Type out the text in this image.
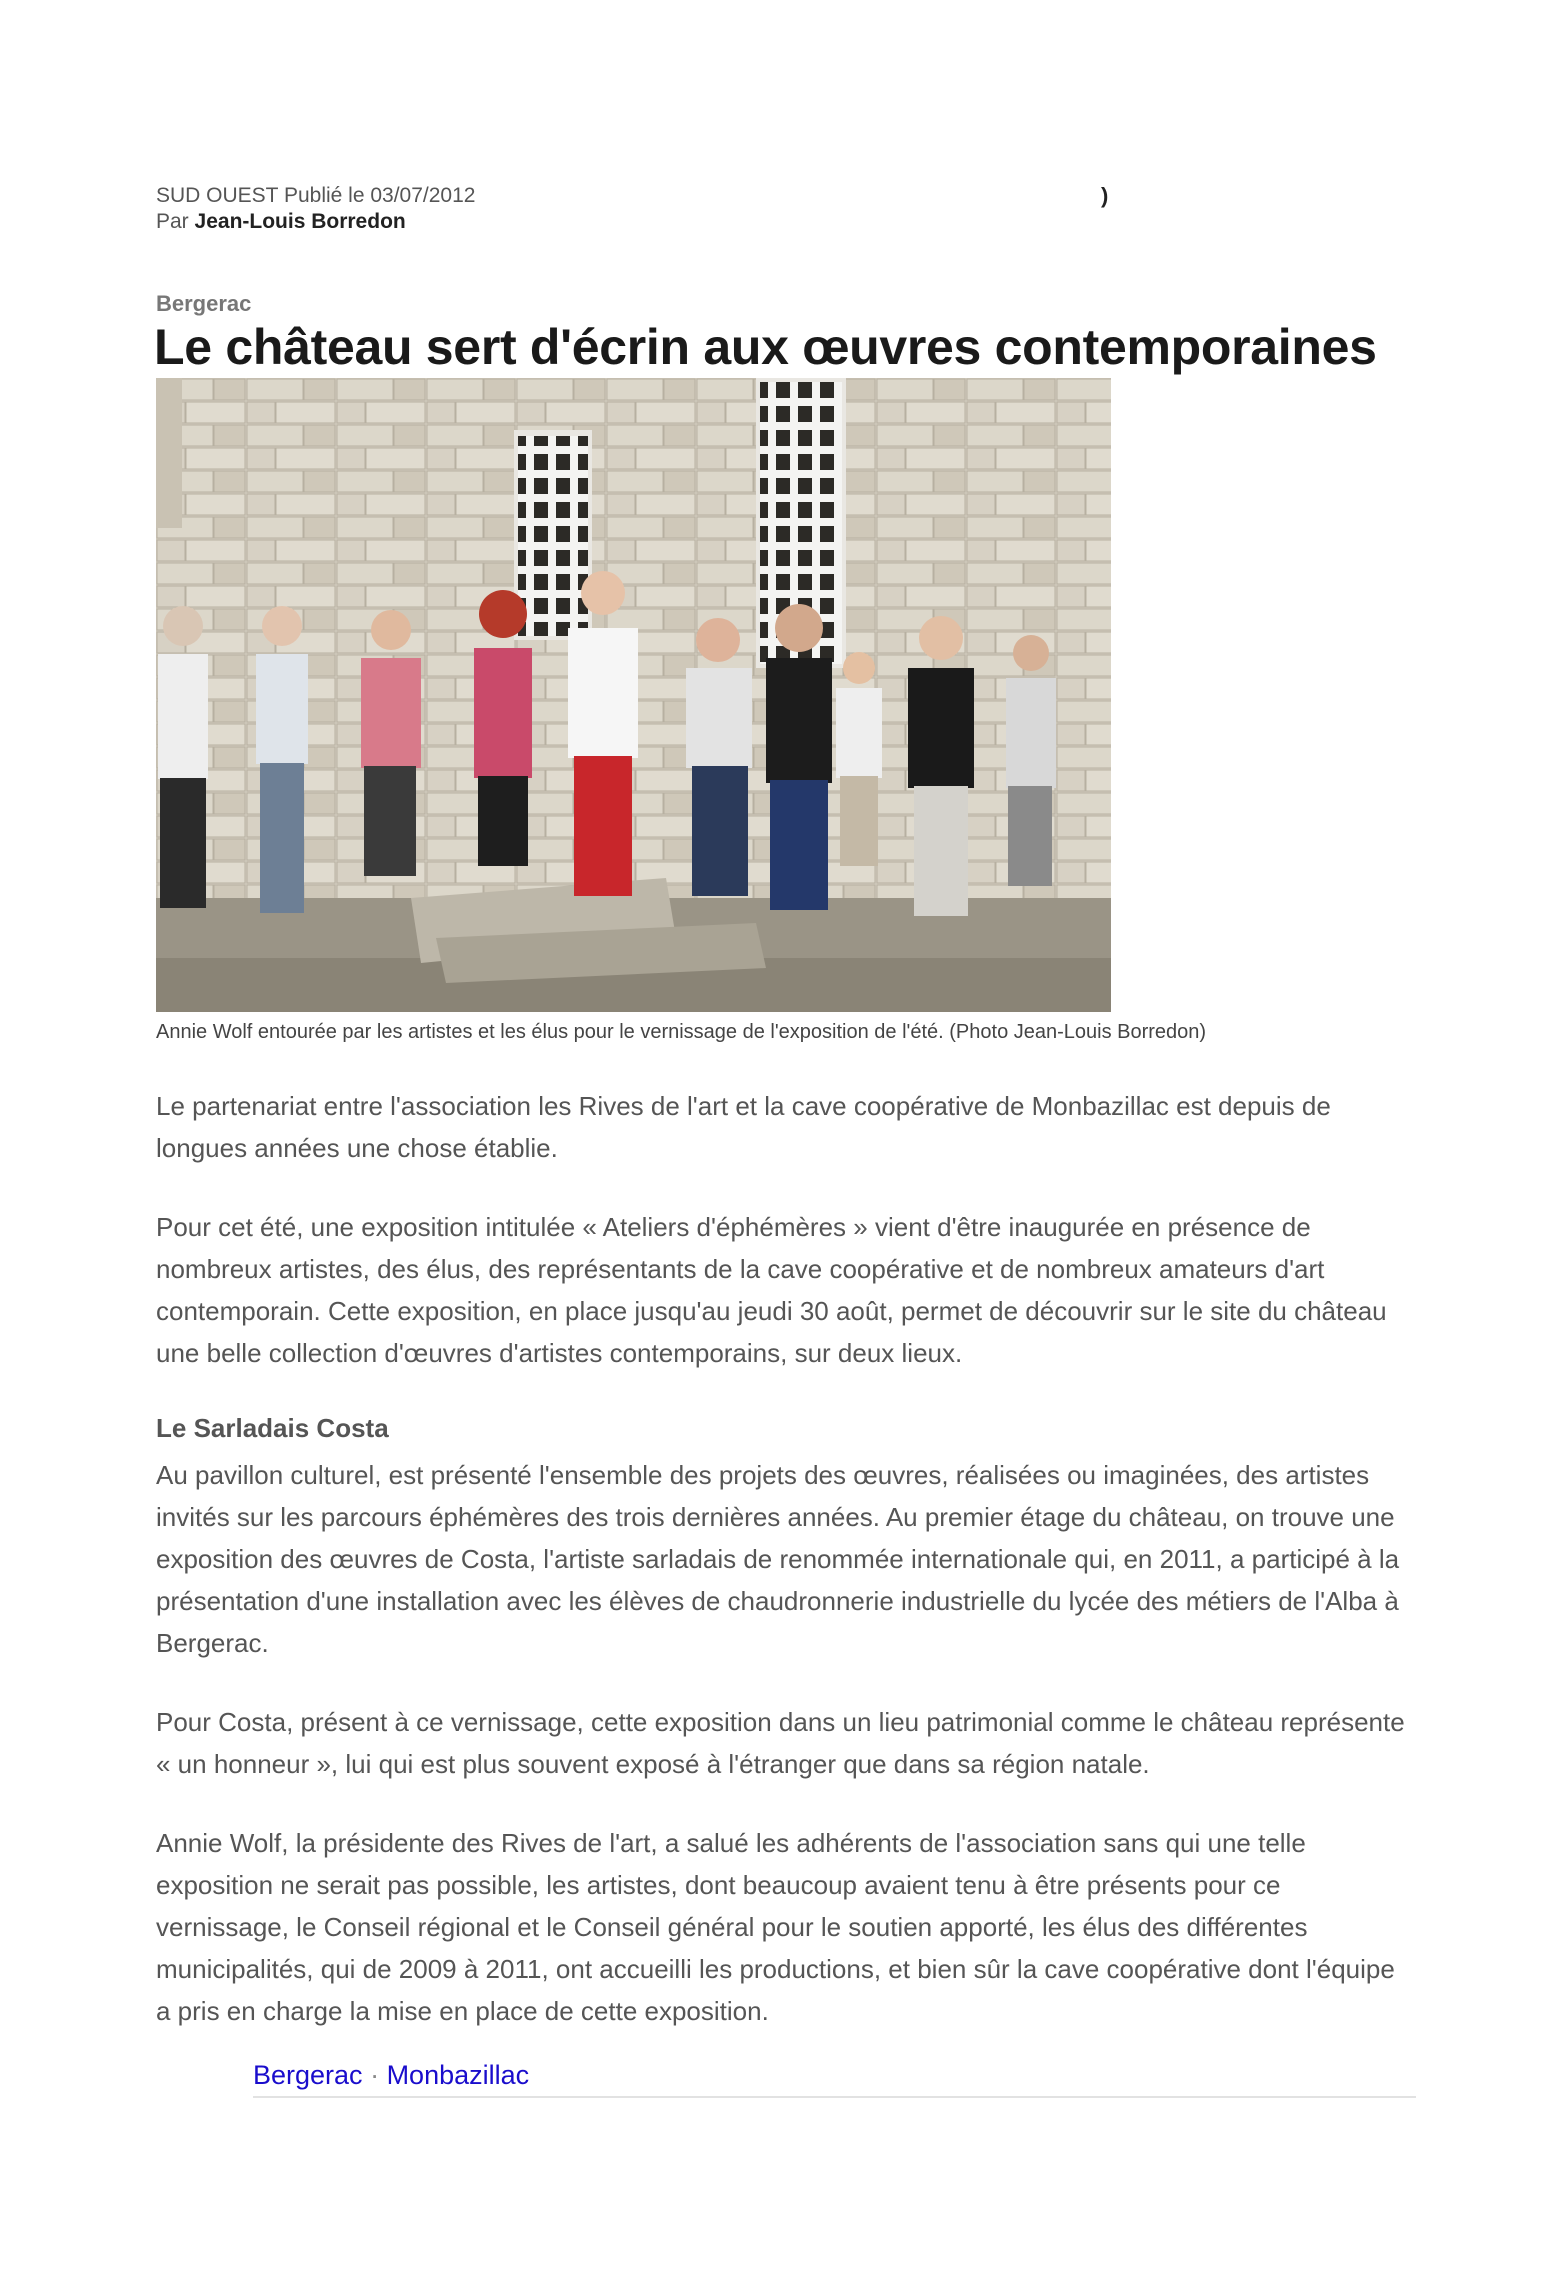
SUD OUEST Publié le 03/07/2012
Par Jean-Louis Borredon
)
Bergerac
Le château sert d'écrin aux œuvres contemporaines
Annie Wolf entourée par les artistes et les élus pour le vernissage de l'exposition de l'été. (Photo Jean-Louis Borredon)
Le partenariat entre l'association les Rives de l'art et la cave coopérative de Monbazillac est depuis de longues années une chose établie.
Pour cet été, une exposition intitulée « Ateliers d'éphémères » vient d'être inaugurée en présence de nombreux artistes, des élus, des représentants de la cave coopérative et de nombreux amateurs d'art contemporain. Cette exposition, en place jusqu'au jeudi 30 août, permet de découvrir sur le site du château une belle collection d'œuvres d'artistes contemporains, sur deux lieux.
Le Sarladais Costa
Au pavillon culturel, est présenté l'ensemble des projets des œuvres, réalisées ou imaginées, des artistes invités sur les parcours éphémères des trois dernières années. Au premier étage du château, on trouve une exposition des œuvres de Costa, l'artiste sarladais de renommée internationale qui, en 2011, a participé à la présentation d'une installation avec les élèves de chaudronnerie industrielle du lycée des métiers de l'Alba à Bergerac.
Pour Costa, présent à ce vernissage, cette exposition dans un lieu patrimonial comme le château représente « un honneur », lui qui est plus souvent exposé à l'étranger que dans sa région natale.
Annie Wolf, la présidente des Rives de l'art, a salué les adhérents de l'association sans qui une telle exposition ne serait pas possible, les artistes, dont beaucoup avaient tenu à être présents pour ce vernissage, le Conseil régional et le Conseil général pour le soutien apporté, les élus des différentes municipalités, qui de 2009 à 2011, ont accueilli les productions, et bien sûr la cave coopérative dont l'équipe a pris en charge la mise en place de cette exposition.
Bergerac · Monbazillac
